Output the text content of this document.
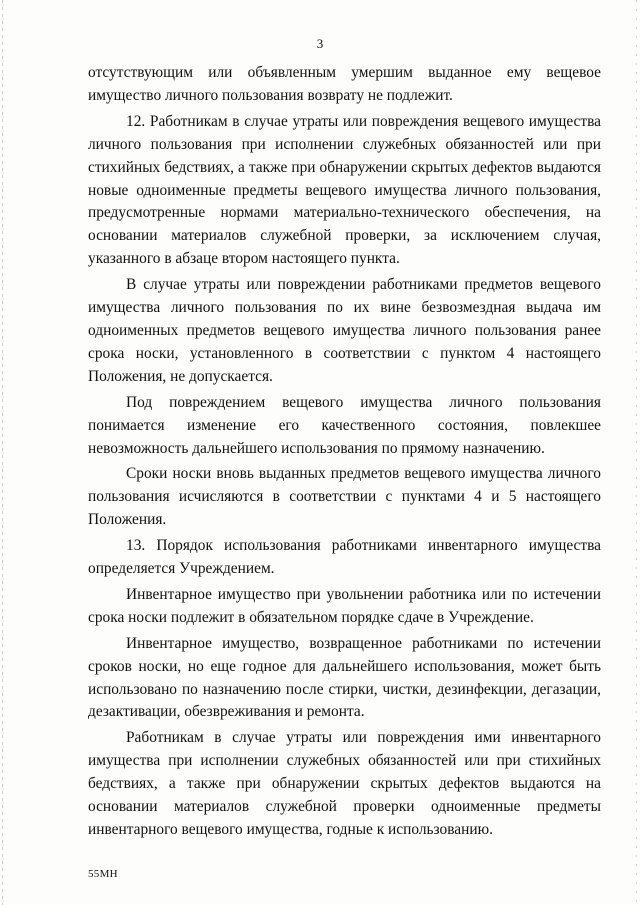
3

отсутствующим или объявленным умершим выданное ему вещевое имущество личного пользования возврату не подлежит.

12. Работникам в случае утраты или повреждения вещевого имущества личного пользования при исполнении служебных обязанностей или при стихийных бедствиях, а также при обнаружении скрытых дефектов выдаются новые одноименные предметы вещевого имущества личного пользования, предусмотренные нормами материально-технического обеспечения, на основании материалов служебной проверки, за исключением случая, указанного в абзаце втором настоящего пункта.

В случае утраты или повреждении работниками предметов вещевого имущества личного пользования по их вине безвозмездная выдача им одноименных предметов вещевого имущества личного пользования ранее срока носки, установленного в соответствии с пунктом 4 настоящего Положения, не допускается.

Под повреждением вещевого имущества личного пользования понимается изменение его качественного состояния, повлекшее невозможность дальнейшего использования по прямому назначению.

Сроки носки вновь выданных предметов вещевого имущества личного пользования исчисляются в соответствии с пунктами 4 и 5 настоящего Положения.

13. Порядок использования работниками инвентарного имущества определяется Учреждением.

Инвентарное имущество при увольнении работника или по истечении срока носки подлежит в обязательном порядке сдаче в Учреждение.

Инвентарное имущество, возвращенное работниками по истечении сроков носки, но еще годное для дальнейшего использования, может быть использовано по назначению после стирки, чистки, дезинфекции, дегазации, дезактивации, обезвреживания и ремонта.

Работникам в случае утраты или повреждения ими инвентарного имущества при исполнении служебных обязанностей или при стихийных бедствиях, а также при обнаружении скрытых дефектов выдаются на основании материалов служебной проверки одноименные предметы инвентарного вещевого имущества, годные к использованию.

55МН
